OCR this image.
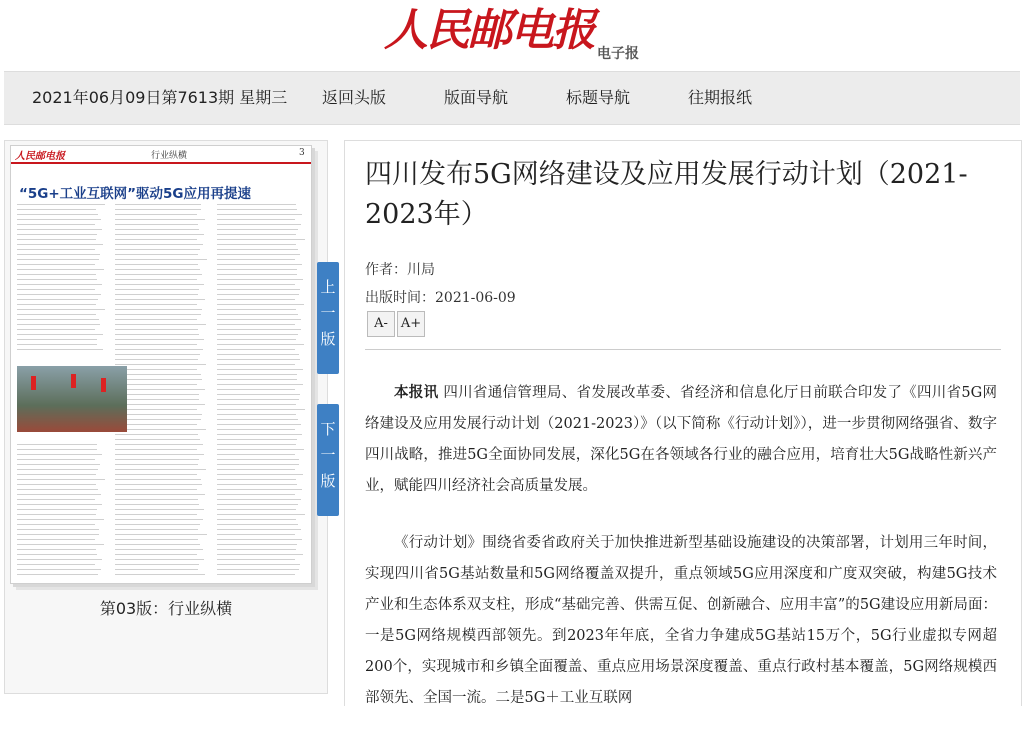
人民邮电报 电子报
2021年06月09日第7613期 星期三 返回头版	版面导航	标题导航	往期报纸
人民邮电报	行业纵横	3
“5G+工业互联网”驱动5G应用再提速
第03版：行业纵横
上
一
版
下
一
版
四川发布5G网络建设及应用发展行动计划（2021-2023年）
作者：川局
出版时间：2021-06-09
A- A+

本报讯 四川省通信管理局、省发展改革委、省经济和信息化厅日前联合印发了《四川省5G网络建设及应用发展行动计划（2021-2023）》（以下简称《行动计划》），进一步贯彻网络强省、数字四川战略，推进5G全面协同发展，深化5G在各领域各行业的融合应用，培育壮大5G战略性新兴产业，赋能四川经济社会高质量发展。

《行动计划》围绕省委省政府关于加快推进新型基础设施建设的决策部署，计划用三年时间，实现四川省5G基站数量和5G网络覆盖双提升，重点领域5G应用深度和广度双突破，构建5G技术产业和生态体系双支柱，形成“基础完善、供需互促、创新融合、应用丰富”的5G建设应用新局面：一是5G网络规模西部领先。到2023年年底，全省力争建成5G基站15万个，5G行业虚拟专网超200个，实现城市和乡镇全面覆盖、重点应用场景深度覆盖、重点行政村基本覆盖，5G网络规模西部领先、全国一流。二是5G＋工业互联网
